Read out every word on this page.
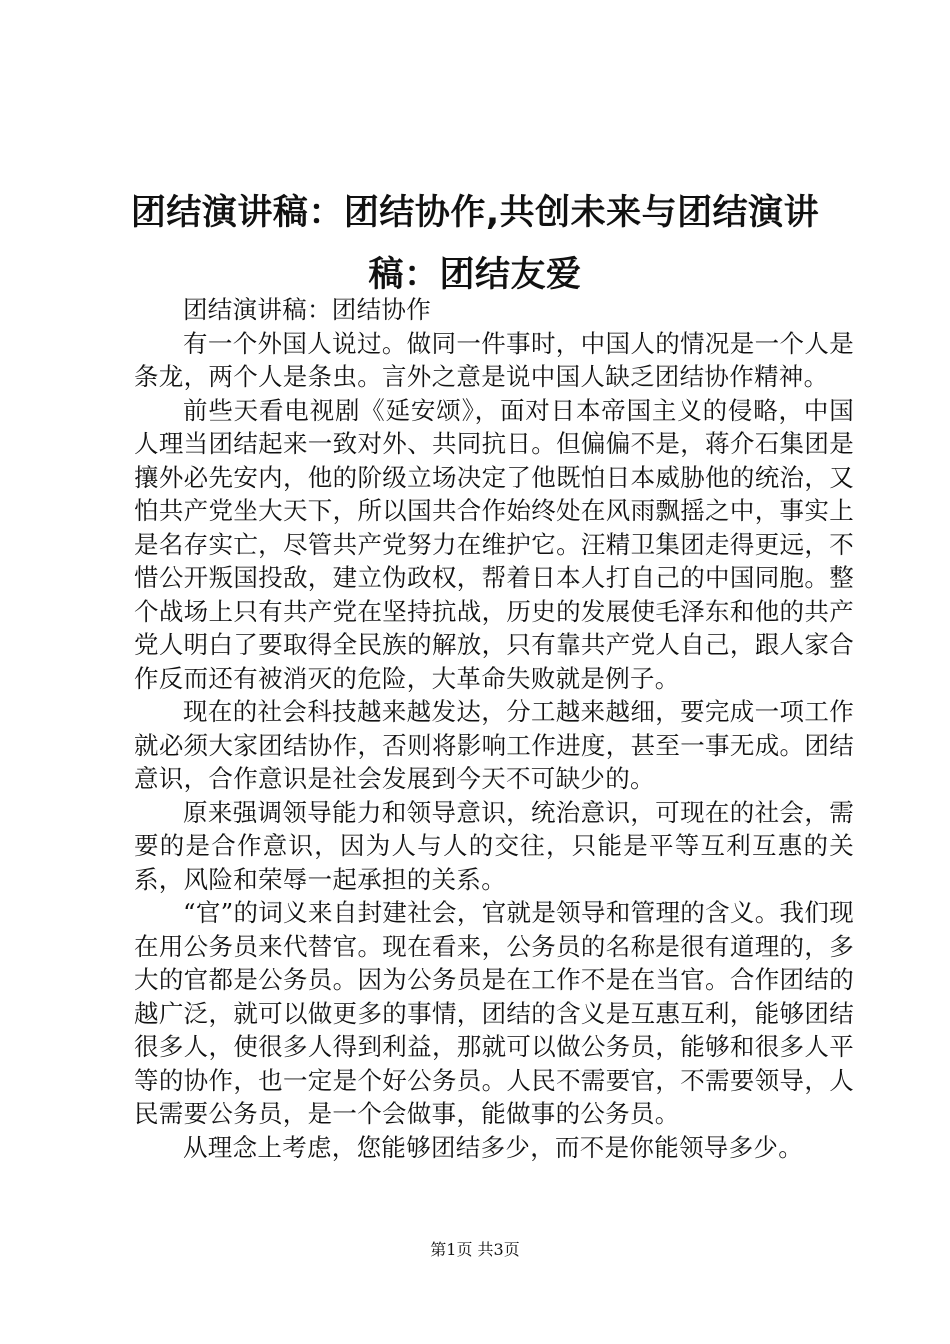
团结演讲稿：团结协作,共创未来与团结演讲稿：团结友爱

团结演讲稿：团结协作

有一个外国人说过。做同一件事时，中国人的情况是一个人是条龙，两个人是条虫。言外之意是说中国人缺乏团结协作精神。

前些天看电视剧《延安颂》，面对日本帝国主义的侵略，中国人理当团结起来一致对外、共同抗日。但偏偏不是，蒋介石集团是攘外必先安内，他的阶级立场决定了他既怕日本威胁他的统治，又怕共产党坐大天下，所以国共合作始终处在风雨飘摇之中，事实上是名存实亡，尽管共产党努力在维护它。汪精卫集团走得更远，不惜公开叛国投敌，建立伪政权，帮着日本人打自己的中国同胞。整个战场上只有共产党在坚持抗战，历史的发展使毛泽东和他的共产党人明白了要取得全民族的解放，只有靠共产党人自己，跟人家合作反而还有被消灭的危险，大革命失败就是例子。

现在的社会科技越来越发达，分工越来越细，要完成一项工作就必须大家团结协作，否则将影响工作进度，甚至一事无成。团结意识，合作意识是社会发展到今天不可缺少的。

原来强调领导能力和领导意识，统治意识，可现在的社会，需要的是合作意识，因为人与人的交往，只能是平等互利互惠的关系，风险和荣辱一起承担的关系。

“官”的词义来自封建社会，官就是领导和管理的含义。我们现在用公务员来代替官。现在看来，公务员的名称是很有道理的，多大的官都是公务员。因为公务员是在工作不是在当官。合作团结的越广泛，就可以做更多的事情，团结的含义是互惠互利，能够团结很多人，使很多人得到利益，那就可以做公务员，能够和很多人平等的协作，也一定是个好公务员。人民不需要官，不需要领导，人民需要公务员，是一个会做事，能做事的公务员。

从理念上考虑，您能够团结多少，而不是你能领导多少。

第1页 共3页
